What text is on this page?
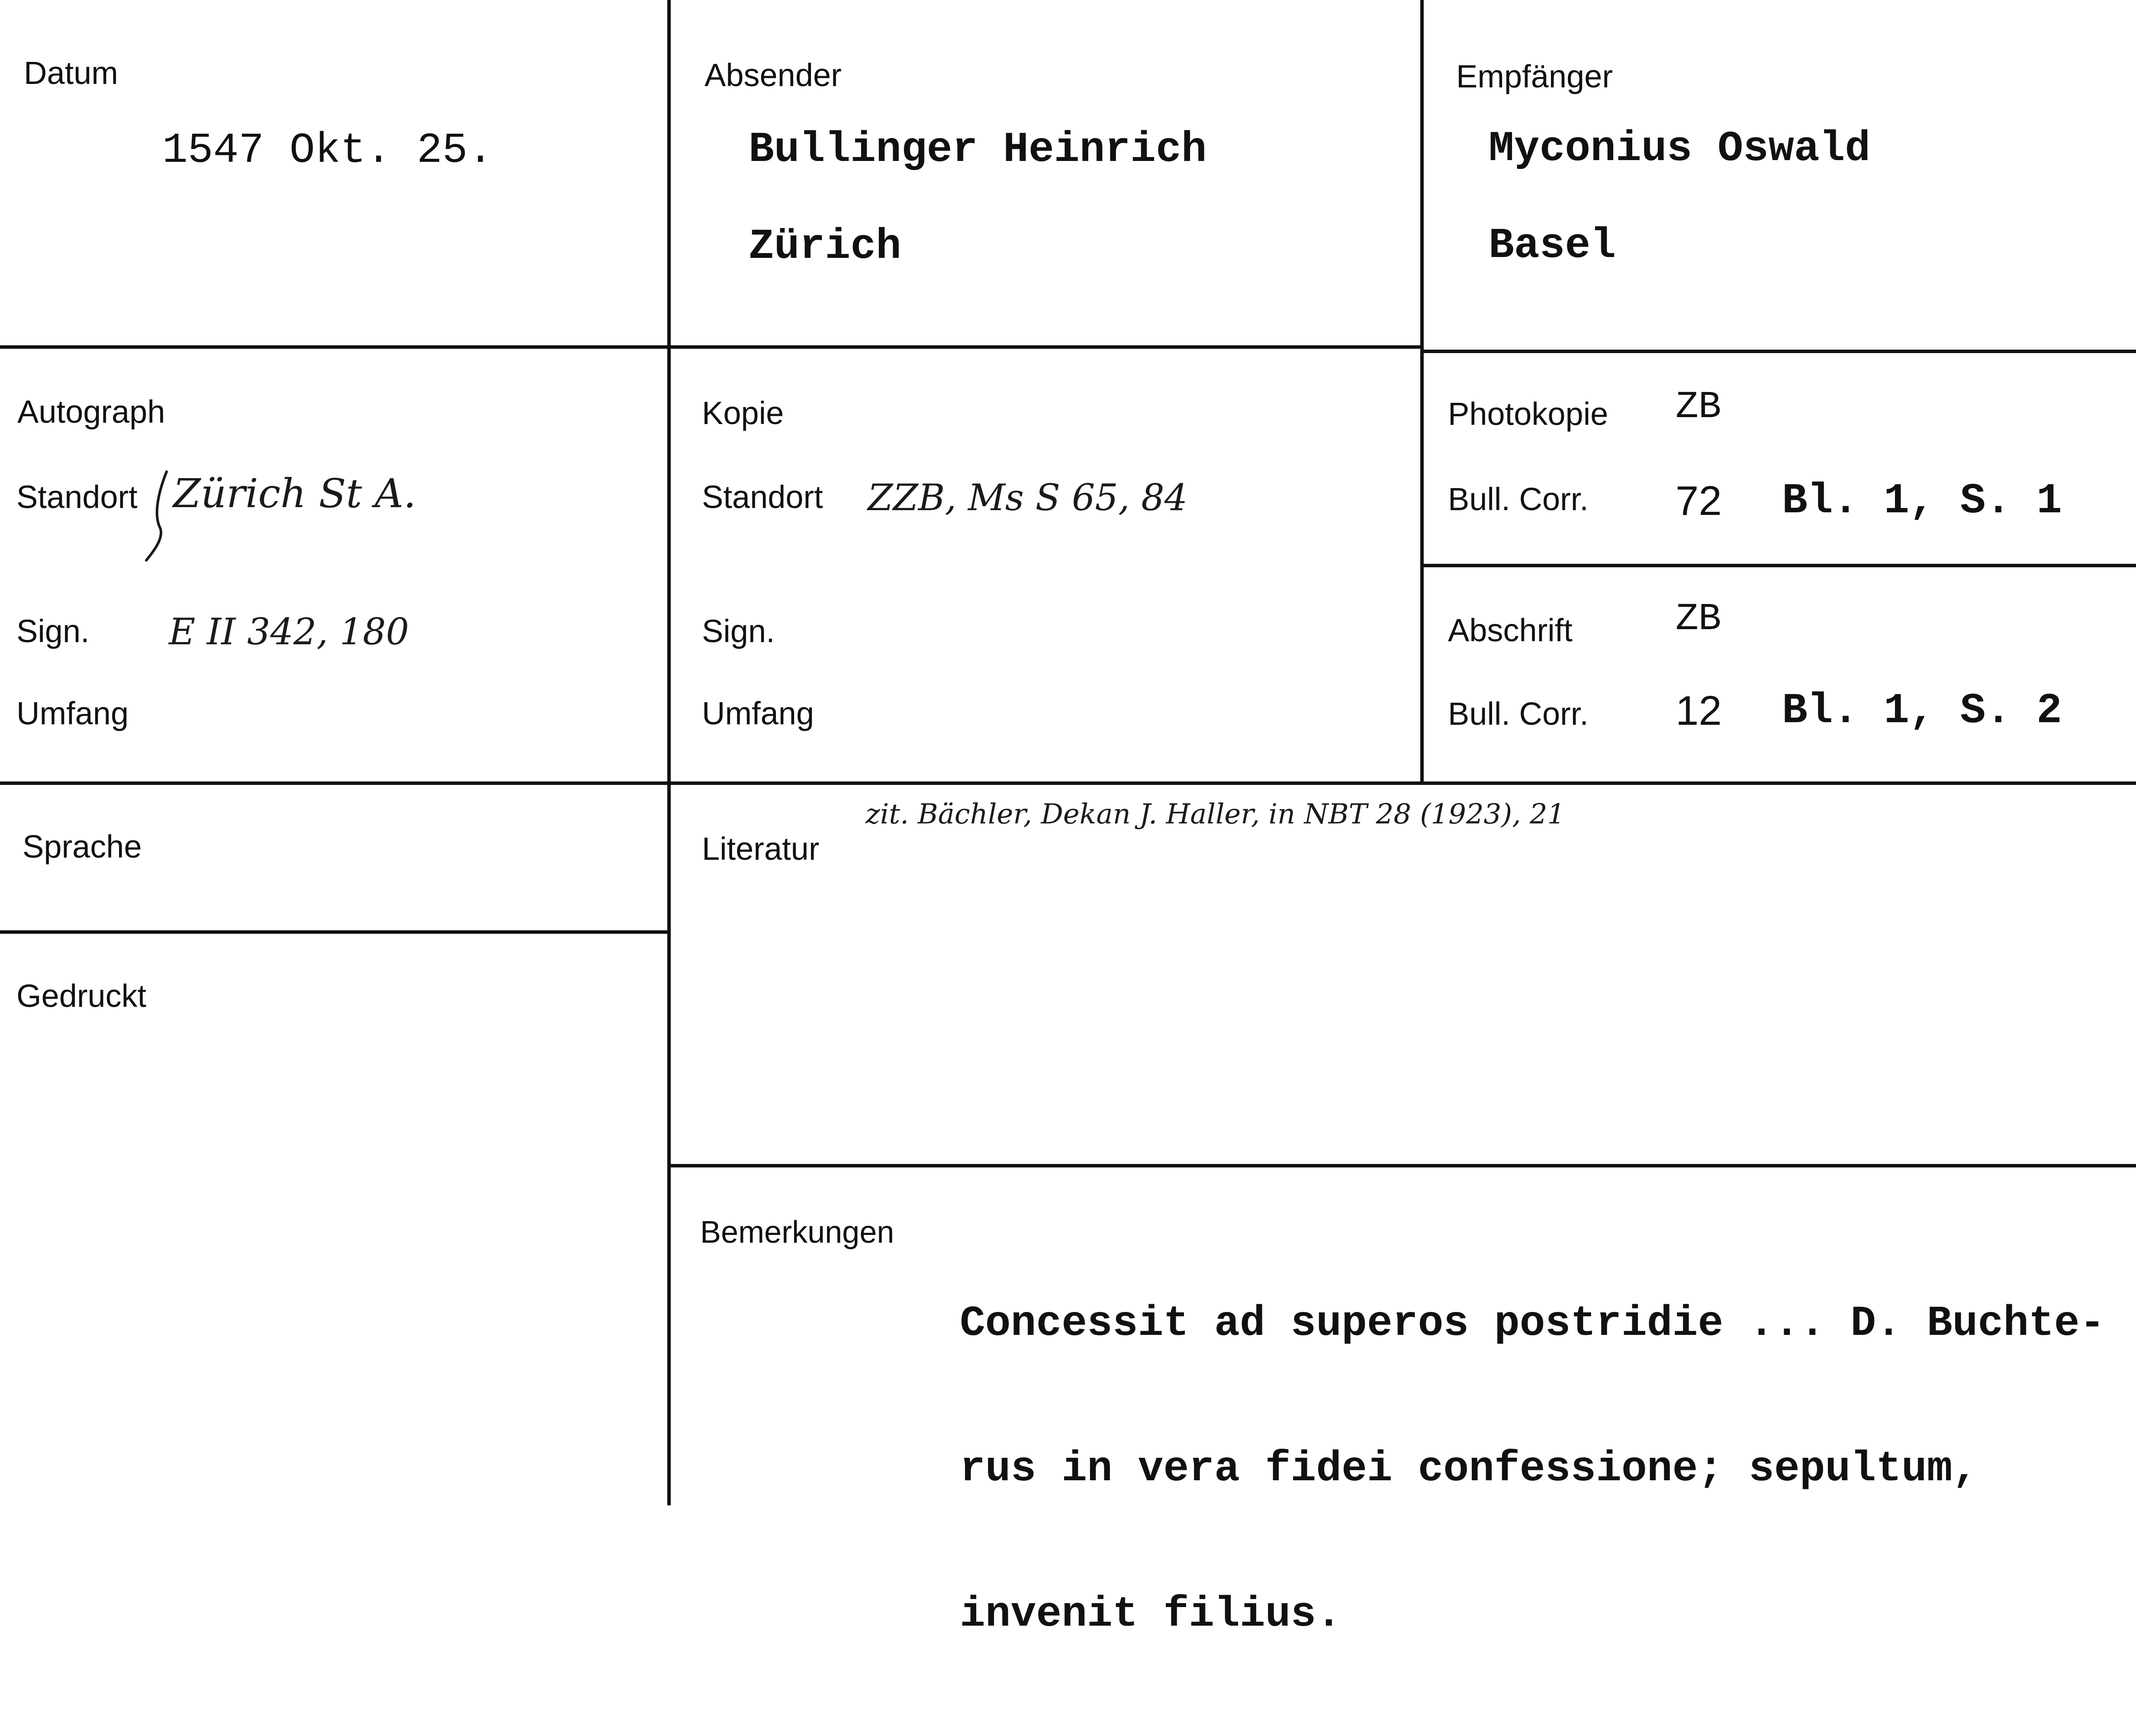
Datum
1547 Okt. 25.
Absender
Bullinger Heinrich
Zürich
Empfänger
Myconius Oswald
Basel
Autograph
Standort Zürich St A.
Sign. E II 342, 180
Umfang
Kopie
Standort ZZB, Ms S 65, 84
Sign.
Umfang
Photokopie ZB
Bull. Corr. 72 Bl. 1, S. 1
Abschrift	ZB
Bull. Corr. 12 Bl. 1, S. 2
Sprache
Gedruckt
Literatur
zit. Bächler, Dekan J. Haller, in NBT 28 (1923), 21
Bemerkungen

Concessit ad superos postridie ... D. Buchte-

rus in vera fidei confessione; sepultum,

invenit filius.
